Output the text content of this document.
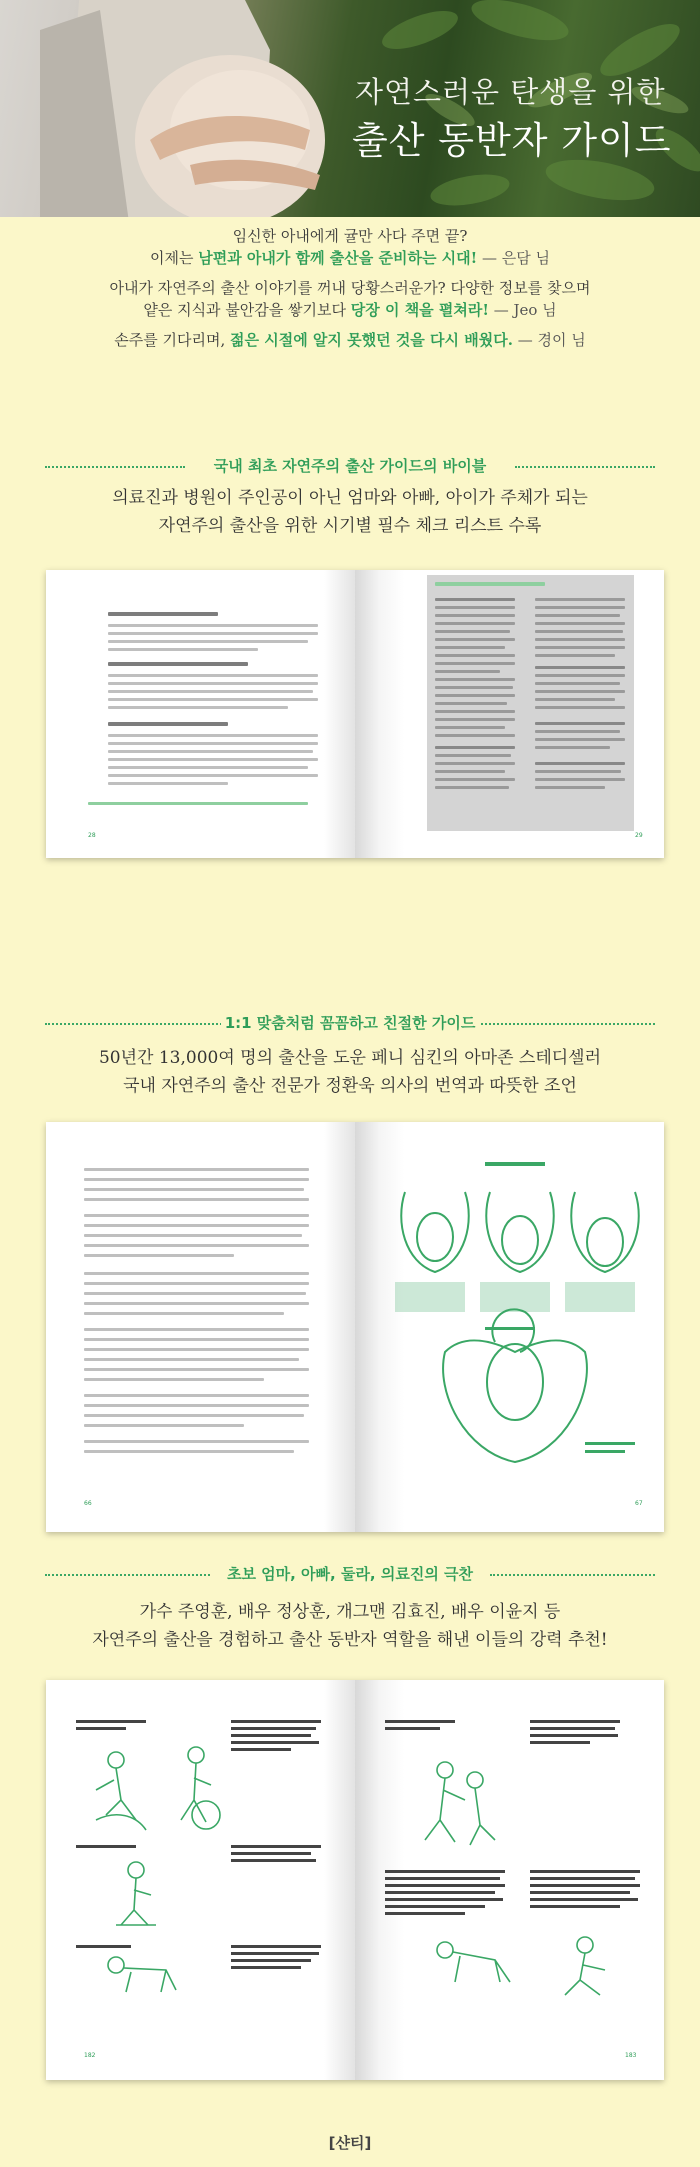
자연스러운 탄생을 위한
출산 동반자 가이드

임신한 아내에게 귤만 사다 주면 끝?
이제는 남편과 아내가 함께 출산을 준비하는 시대! — 은담 님

아내가 자연주의 출산 이야기를 꺼내 당황스러운가? 다양한 정보를 찾으며
얕은 지식과 불안감을 쌓기보다 당장 이 책을 펼쳐라! — Jeo 님

손주를 기다리며, 젊은 시절에 알지 못했던 것을 다시 배웠다. — 경이 님

국내 최초 자연주의 출산 가이드의 바이블
의료진과 병원이 주인공이 아닌 엄마와 아빠, 아이가 주체가 되는
자연주의 출산을 위한 시기별 필수 체크 리스트 수록
28	29
1:1 맞춤처럼 꼼꼼하고 친절한 가이드
50년간 13,000여 명의 출산을 도운 페니 심킨의 아마존 스테디셀러
국내 자연주의 출산 전문가 정환욱 의사의 번역과 따뜻한 조언
66	67
초보 엄마, 아빠, 둘라, 의료진의 극찬
가수 주영훈, 배우 정상훈, 개그맨 김효진, 배우 이윤지 등
자연주의 출산을 경험하고 출산 동반자 역할을 해낸 이들의 강력 추천!
182	183
[샨티]
